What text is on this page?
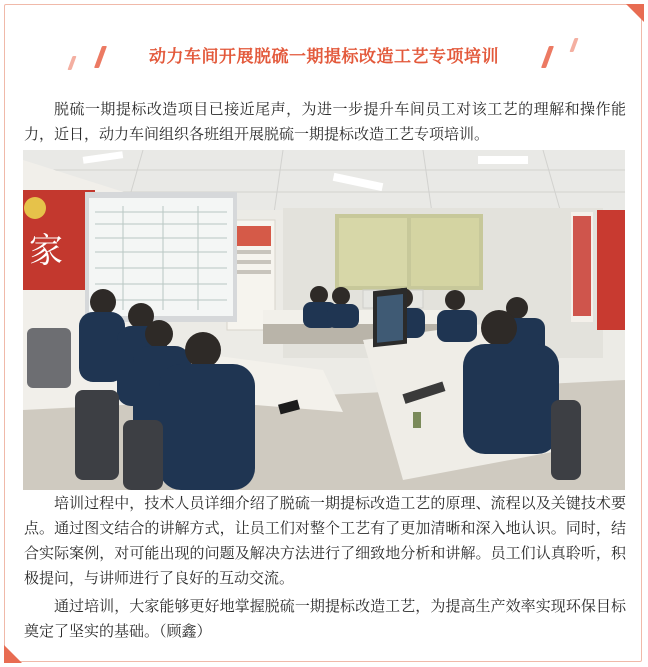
动力车间开展脱硫一期提标改造工艺专项培训

脱硫一期提标改造项目已接近尾声，为进一步提升车间员工对该工艺的理解和操作能力，近日，动力车间组织各班组开展脱硫一期提标改造工艺专项培训。

家

培训过程中，技术人员详细介绍了脱硫一期提标改造工艺的原理、流程以及关键技术要点。通过图文结合的讲解方式，让员工们对整个工艺有了更加清晰和深入地认识。同时，结合实际案例，对可能出现的问题及解决方法进行了细致地分析和讲解。员工们认真聆听，积极提问，与讲师进行了良好的互动交流。

通过培训，大家能够更好地掌握脱硫一期提标改造工艺，为提高生产效率实现环保目标奠定了坚实的基础。（顾鑫）
